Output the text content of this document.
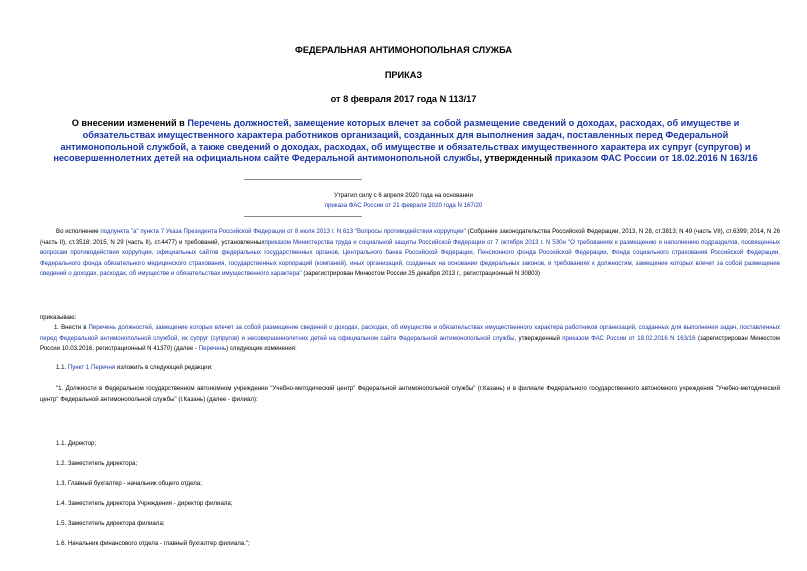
ФЕДЕРАЛЬНАЯ АНТИМОНОПОЛЬНАЯ СЛУЖБА
ПРИКАЗ
от 8 февраля 2017 года N 113/17
О внесении изменений в Перечень должностей, замещение которых влечет за собой размещение сведений о доходах, расходах, об имуществе и обязательствах имущественного характера работников организаций, созданных для выполнения задач, поставленных перед Федеральной антимонопольной службой, а также сведений о доходах, расходах, об имуществе и обязательствах имущественного характера их супруг (супругов) и несовершеннолетних детей на официальном сайте Федеральной антимонопольной службы, утвержденный приказом ФАС России от 18.02.2016 N 163/16
Утратил силу с 6 апреля 2020 года на основании
приказа ФАС России от 21 февраля 2020 года N 167/20
Во исполнение подпункта "а" пункта 7 Указа Президента Российской Федерации от 8 июля 2013 г. N 613 "Вопросы противодействия коррупции" (Собрание законодательства Российской Федерации, 2013, N 28, ст.3813; N 49 (часть VII), ст.6399; 2014, N 26 (часть II), ст.3518; 2015, N 29 (часть II), ст.4477) и требований, установленныхприказом Министерства труда и социальной защиты Российской Федерации от 7 октября 2013 г. N 530н "О требованиях к размещению и наполнению подразделов, посвященных вопросам противодействия коррупции, официальных сайтов федеральных государственных органов, Центрального банка Российской Федерации, Пенсионного фонда Российской Федерации, Фонда социального страхования Российской Федерации, Федерального фонда обязательного медицинского страхования, государственных корпораций (компаний), иных организаций, созданных на основании федеральных законов, и требованиях к должностям, замещение которых влечет за собой размещение сведений о доходах, расходах, об имуществе и обязательствах имущественного характера" (зарегистрирован Минюстом России 25 декабря 2013 г., регистрационный N 30803)
приказываю:
1. Внести в Перечень должностей, замещение которых влечет за собой размещение сведений о доходах, расходах, об имуществе и обязательствах имущественного характера работников организаций, созданных для выполнения задач, поставленных перед Федеральной антимонопольной службой, их супруг (супругов) и несовершеннолетних детей на официальном сайте Федеральной антимонопольной службы, утвержденный приказом ФАС России от 18.02.2016 N 163/16 (зарегистрирован Минюстом России 10.03.2016, регистрационный N 41370) (далее - Перечень) следующие изменения:
1.1. Пункт 1 Перечня изложить в следующей редакции:
"1. Должности в Федеральном государственном автономном учреждении "Учебно-методический центр" Федеральной антимонопольной службы" (г.Казань) и в филиале Федерального государственного автономного учреждения "Учебно-методический центр" Федеральной антимонопольной службы" (г.Казань) (далее - филиал):
1.1. Директор;
1.2. Заместитель директора;
1.3. Главный бухгалтер - начальник общего отдела;
1.4. Заместитель директора Учреждения - директор филиала;
1.5. Заместитель директора филиала;
1.6. Начальник финансового отдела - главный бухгалтер филиала.";
